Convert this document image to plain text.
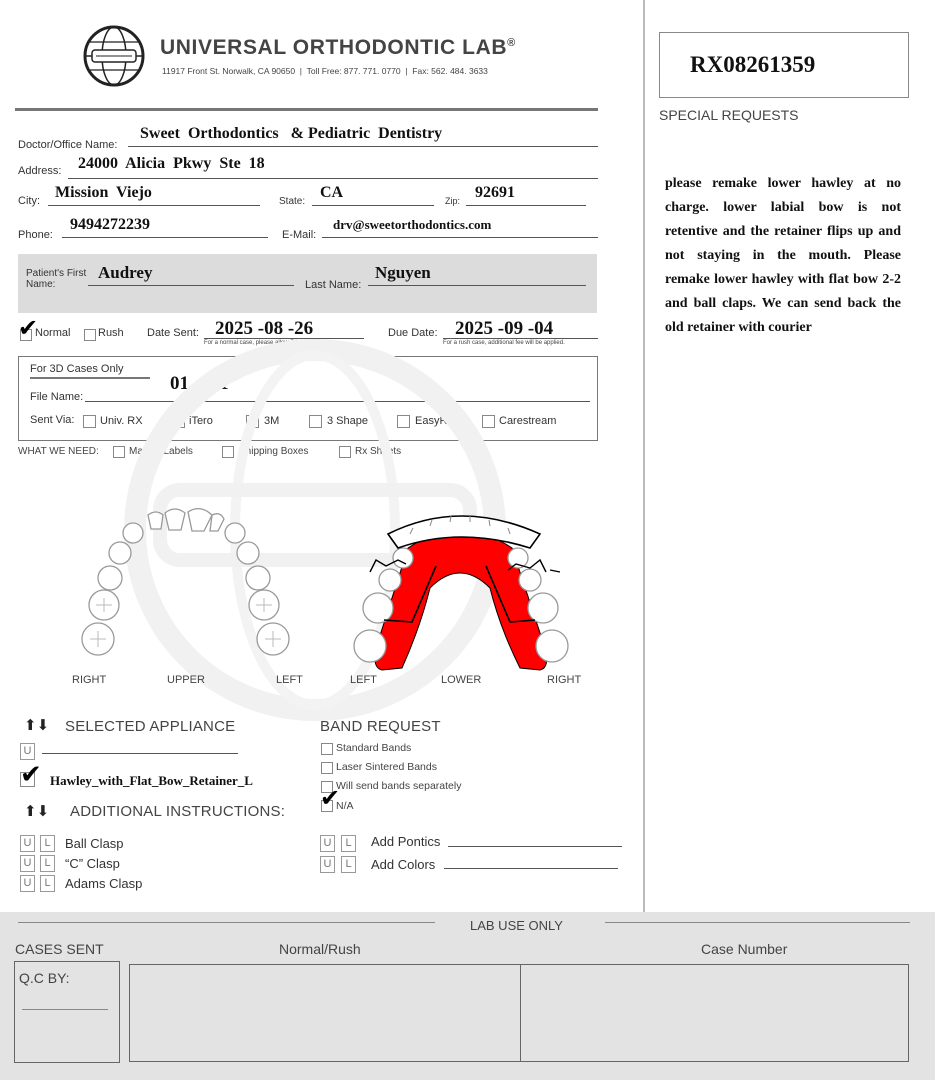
UNIVERSAL ORTHODONTIC LAB®
11917 Front St. Norwalk, CA 90650  |  Toll Free: 877. 771. 0770  |  Fax: 562. 484. 3633	RX08261359
SPECIAL REQUESTS
please remake lower hawley at no charge. lower labial bow is not retentive and the retainer flips up and not staying in the mouth. Please remake lower hawley with flat bow 2-2 and ball claps. We can send back the old retainer with courier
Doctor/Office Name:
Sweet  Orthodontics   & Pediatric  Dentistry
Address: 24000  Alicia  Pkwy  Ste  18
City: Mission  Viejo
State:
CA	Zip: 92691
Phone:
9494272239
E-Mail:
drv@sweetorthodontics.com
Patient's First Name:
Audrey
Last Name:
Nguyen
✔
Normal	Rush Date Sent: 2025 -08 -26
For a normal case, please allow 7 business days.
Due Date: 2025 -09 -04
For a rush case, additional fee will be applied.
For 3D Cases Only
File Name:
01 -261
Sent Via: Univ. RX ✔
iTero	3M	3 Shape	EasyRx	Carestream
WHAT WE NEED:	Mailing Labels	Shipping Boxes	Rx Sheets
RIGHT	UPPER	LEFT	LEFT	LOWER	RIGHT
⬆⬇ SELECTED APPLIANCE
U
✔ Hawley_with_Flat_Bow_Retainer_L
⬆⬇ ADDITIONAL INSTRUCTIONS:
U	L	Ball Clasp
U	L	“C” Clasp
U	L	Adams Clasp
BAND REQUEST
Standard Bands
Laser Sintered Bands
Will send bands separately
✔
N/A
U	L	Add Pontics
U	L	Add Colors
LAB USE ONLY
CASES SENT	Normal/Rush	Case Number
Q.C BY:
